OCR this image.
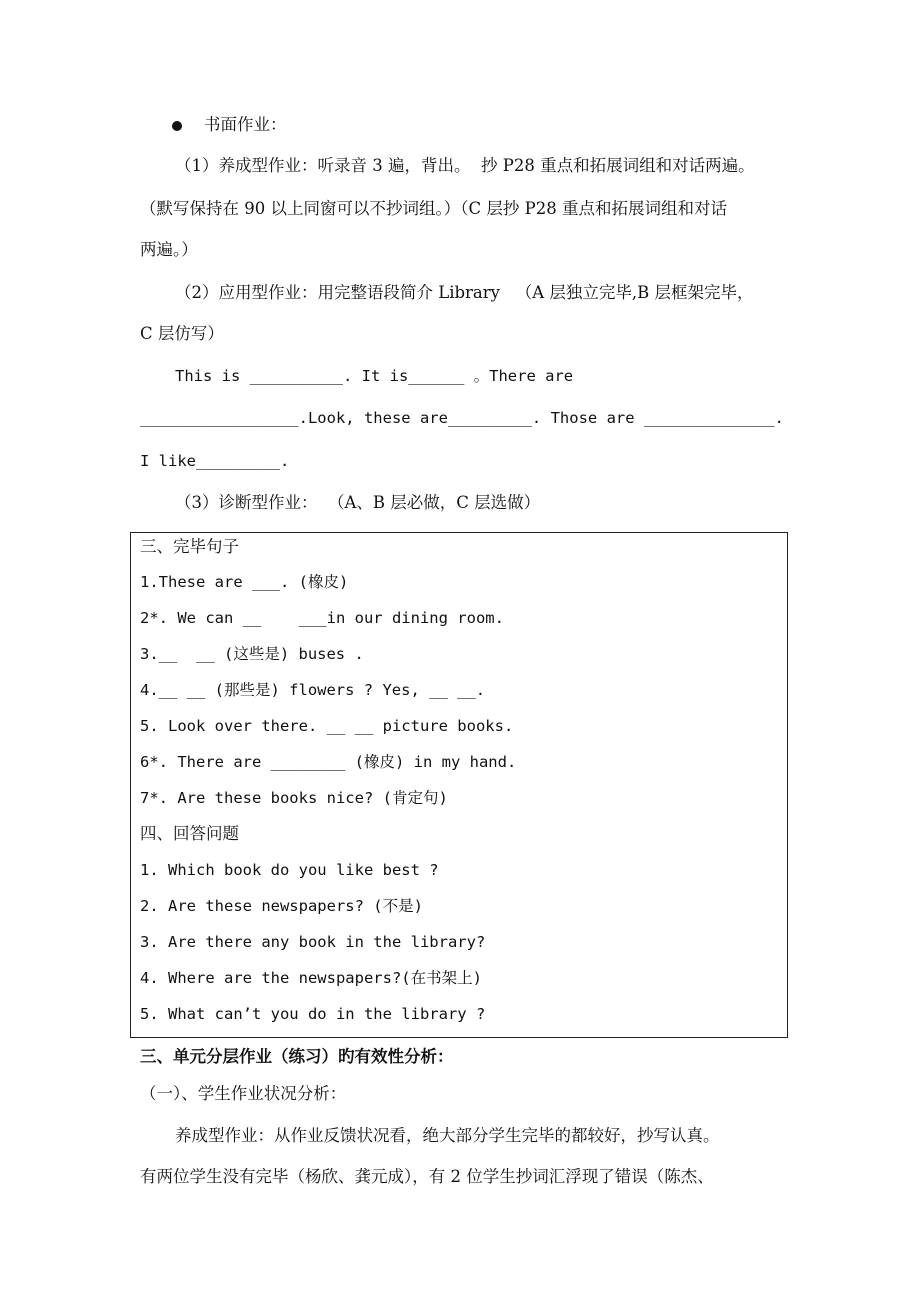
书面作业：
（1）养成型作业：听录音 3 遍，背出。  抄 P28 重点和拓展词组和对话两遍。
（默写保持在 90 以上同窗可以不抄词组。）（C 层抄 P28 重点和拓展词组和对话
两遍。）
（2）应用型作业：用完整语段简介 Library   （A 层独立完毕,B 层框架完毕，
C 层仿写）
This is __________. It is______ 。There are
_________________.Look, these are_________. Those are ______________.
I like_________.
（3）诊断型作业：  （A、B 层必做，C 层选做）
三、完毕句子
1.These are ___. (橡皮)
2*. We can __    ___in our dining room.
3.__  __ (这些是) buses .
4.__ __ (那些是) flowers ? Yes, __ __.
5. Look over there. __ __ picture books.
6*. There are ________ (橡皮) in my hand.
7*. Are these books nice? (肯定句)
四、回答问题
1. Which book do you like best ?
2. Are these newspapers? (不是)
3. Are there any book in the library?
4. Where are the newspapers?(在书架上)
5. What can’t you do in the library ?
三、单元分层作业（练习）旳有效性分析：
（一）、学生作业状况分析：
养成型作业：从作业反馈状况看，绝大部分学生完毕的都较好，抄写认真。
有两位学生没有完毕（杨欣、龚元成），有 2 位学生抄词汇浮现了错误（陈杰、
